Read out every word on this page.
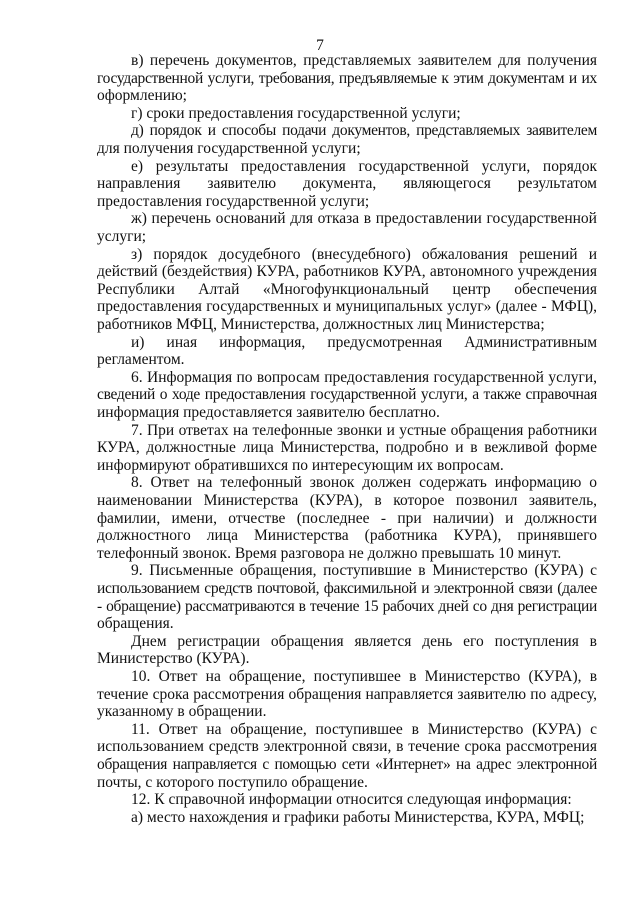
7
в) перечень документов, представляемых заявителем для получения
государственной услуги, требования, предъявляемые к этим документам и их
оформлению;
г) сроки предоставления государственной услуги;
д) порядок и способы подачи документов, представляемых заявителем
для получения государственной услуги;
е) результаты предоставления государственной услуги, порядок
направления заявителю документа, являющегося результатом
предоставления государственной услуги;
ж) перечень оснований для отказа в предоставлении государственной
услуги;
з) порядок досудебного (внесудебного) обжалования решений и
действий (бездействия) КУРА, работников КУРА, автономного учреждения
Республики Алтай «Многофункциональный центр обеспечения
предоставления государственных и муниципальных услуг» (далее - МФЦ),
работников МФЦ, Министерства, должностных лиц Министерства;
и) иная информация, предусмотренная Административным
регламентом.
6. Информация по вопросам предоставления государственной услуги,
сведений о ходе предоставления государственной услуги, а также справочная
информация предоставляется заявителю бесплатно.
7. При ответах на телефонные звонки и устные обращения работники
КУРА, должностные лица Министерства, подробно и в вежливой форме
информируют обратившихся по интересующим их вопросам.
8. Ответ на телефонный звонок должен содержать информацию о
наименовании Министерства (КУРА), в которое позвонил заявитель,
фамилии, имени, отчестве (последнее - при наличии) и должности
должностного лица Министерства (работника КУРА), принявшего
телефонный звонок. Время разговора не должно превышать 10 минут.
9. Письменные обращения, поступившие в Министерство (КУРА) с
использованием средств почтовой, факсимильной и электронной связи (далее
- обращение) рассматриваются в течение 15 рабочих дней со дня регистрации
обращения.
Днем регистрации обращения является день его поступления в
Министерство (КУРА).
10. Ответ на обращение, поступившее в Министерство (КУРА), в
течение срока рассмотрения обращения направляется заявителю по адресу,
указанному в обращении.
11. Ответ на обращение, поступившее в Министерство (КУРА) с
использованием средств электронной связи, в течение срока рассмотрения
обращения направляется с помощью сети «Интернет» на адрес электронной
почты, с которого поступило обращение.
12. К справочной информации относится следующая информация:
а) место нахождения и графики работы Министерства, КУРА, МФЦ;
